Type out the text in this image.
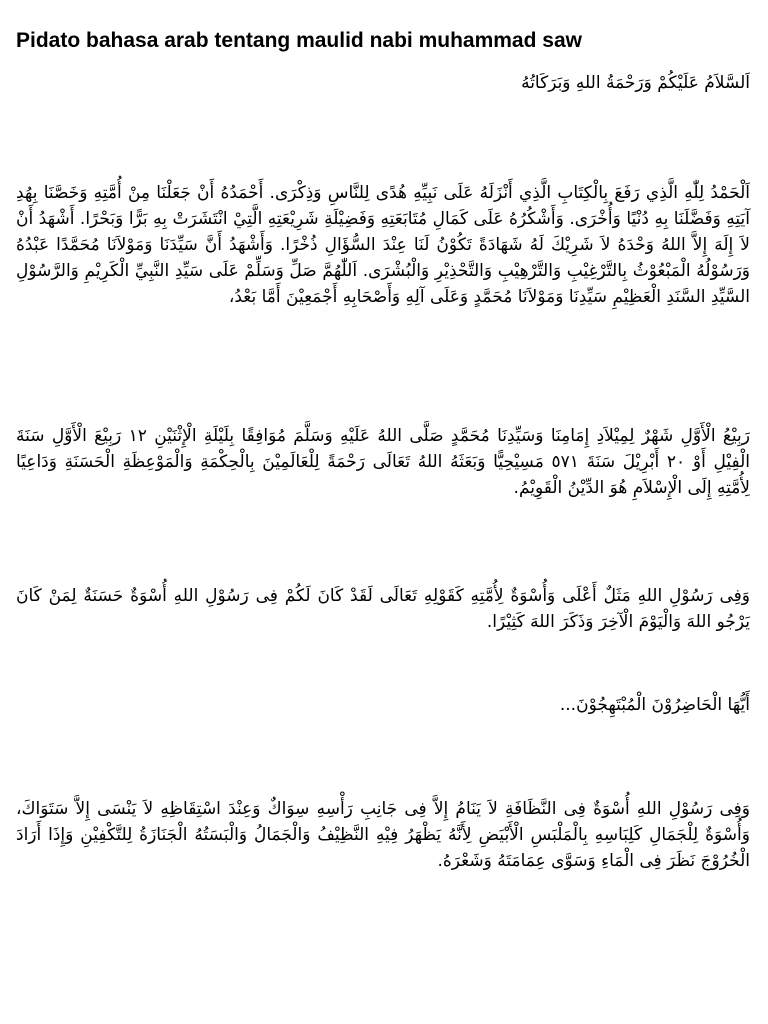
Pidato bahasa arab tentang maulid nabi muhammad saw

اَلسَّلاَمُ عَلَيْكُمْ وَرَحْمَةُ اللهِ وَبَرَكَاتُهُ

اَلْحَمْدُ لِلّٰهِ الَّذِي رَفَعَ بِالْكِتَابِ الَّذِي أَنْزَلَهُ عَلَى نَبِيِّهِ هُدًى لِلنَّاسِ وَذِكْرَى. أَحْمَدُهُ أَنْ جَعَلْنَا مِنْ أُمَّتِهِ وَخَصَّنَا بِهُدِ آيَتِهِ وَفَضَّلَنَا بِهِ دُنْيًا وَأُخْرَى. وَأَشْكُرُهُ عَلَى كَمَالِ مُتَابَعَتِهِ وَفَضِيْلَةِ شَرِيْعَتِهِ الَّتِيْ انْتَشَرَتْ بِهِ بَرًّا وَبَحْرًا. أَشْهَدُ أَنْ لاَ إِلَهَ إِلاَّ اللهُ وَحْدَهُ لاَ شَرِيْكَ لَهُ شَهَادَةً تَكُوْنُ لَنَا عِنْدَ السُّؤَالِ ذُخْرًا. وَأَشْهَدُ أَنَّ سَيِّدَنَا وَمَوْلاَنَا مُحَمَّدًا عَبْدُهُ وَرَسُوْلُهُ الْمَبْعُوْثُ بِالتَّرْغِيْبِ وَالتَّرْهِيْبِ وَالتَّحْذِيْرِ وَالْبُشْرَى. اَللّٰهُمَّ صَلِّ وَسَلِّمْ عَلَى سَيِّدِ النَّبِيِّ الْكَرِيْمِ وَالرَّسُوْلِ السَّيِّدِ السَّنَدِ الْعَظِيْمِ سَيِّدِنَا وَمَوْلاَنَا مُحَمَّدٍ وَعَلَى آلِهِ وَأَصْحَابِهِ أَجْمَعِيْنَ أَمَّا بَعْدُ،

رَبِيْعُ الْأَوَّلِ شَهْرٌ لِمِيْلاَدِ إِمَامِنَا وَسَيِّدِنَا مُحَمَّدٍ صَلَّى اللهُ عَلَيْهِ وَسَلَّمَ مُوَافِقًا بِلَيْلَةِ الْإِثْنَيْنِ ١٢ رَبِيْعَ الْأَوَّلِ سَنَةَ الْفِيْلِ أَوْ ٢٠ أَبْرِيْلَ سَنَةَ ٥٧١ مَسِيْحِيًّا وَبَعَثَهُ اللهُ تَعَالَى رَحْمَةً لِلْعَالَمِيْنَ بِالْحِكْمَةِ وَالْمَوْعِظَةِ الْحَسَنَةِ وَدَاعِيًا لِأُمَّتِهِ إِلَى الْإِسْلاَمِ هُوَ الدِّيْنُ الْقَوِيْمُ.

وَفِى رَسُوْلِ اللهِ مَثَلٌ أَعْلَى وَأُسْوَةٌ لِأُمَّتِهِ كَقَوْلِهِ تَعَالَى لَقَدْ كَانَ لَكُمْ فِى رَسُوْلِ اللهِ أُسْوَةٌ حَسَنَةٌ لِمَنْ كَانَ يَرْجُو اللهَ وَالْيَوْمَ الْآخِرَ وَذَكَرَ اللهَ كَثِيْرًا.

أَيُّهَا الْحَاضِرُوْنَ الْمُبْتَهِجُوْنَ...

وَفِى رَسُوْلِ اللهِ أُسْوَةٌ فِى النَّظَافَةِ لاَ يَنَامُ إِلاَّ فِى جَانِبِ رَأْسِهِ سِوَاكٌ وَعِنْدَ اسْتِقَاظِهِ لاَ يَنْسَى إِلاَّ سَتَوَاكَ، وَأُسْوَةٌ لِلْجَمَالِ كَلِبَاسِهِ بِالْمَلْبَسِ الْأَبْيَضِ لِأَنَّهُ يَظْهَرُ فِيْهِ النَّظِيْفُ وَالْجَمَالُ وَالْبَسَتُهُ الْجَنَازَةُ لِلتَّكْفِيْنِ وَإِذَا أَرَادَ الْخُرُوْجَ نَظَرَ فِى الْمَاءِ وَسَوَّى عِمَامَتَهُ وَشَعْرَهُ.
